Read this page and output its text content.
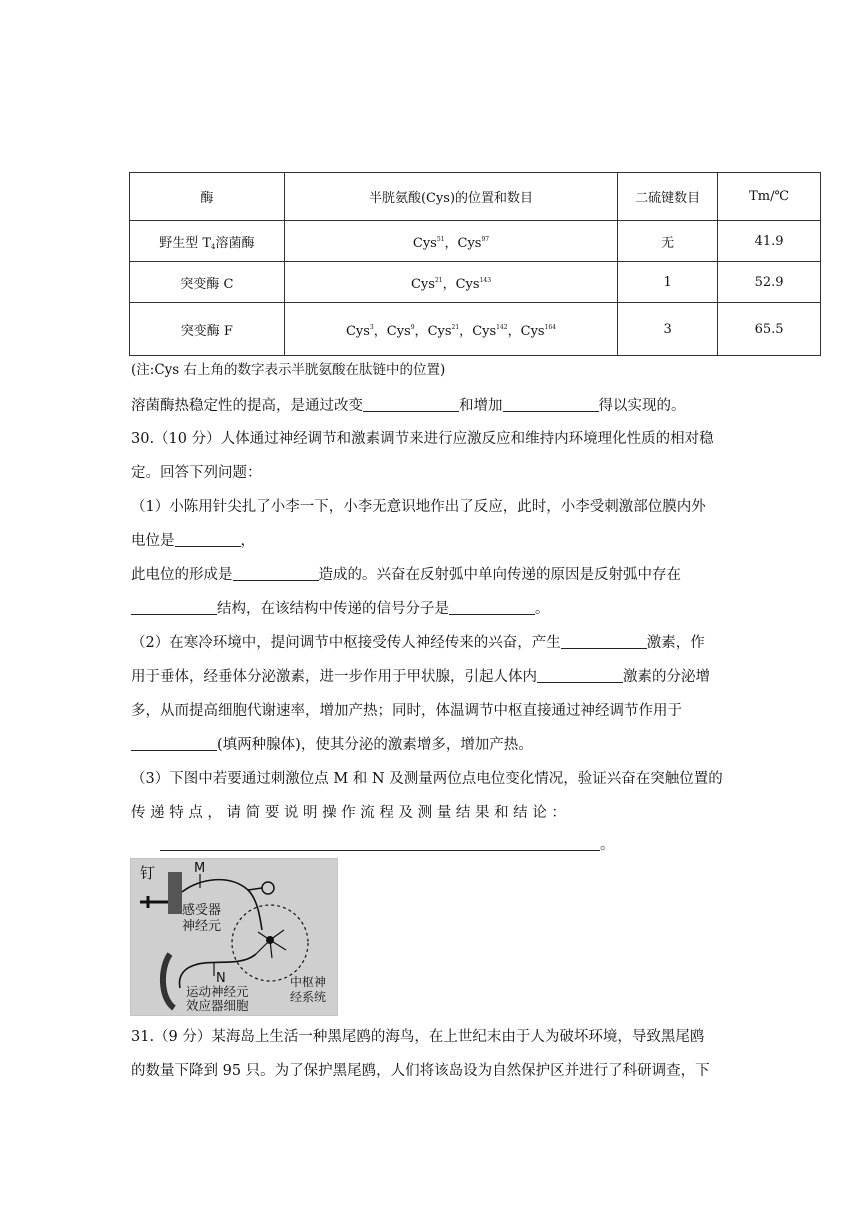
酶	半胱氨酸(Cys)的位置和数目	二硫键数目	Tm/℃
野生型 $T_4$溶菌酶	Cys$^{51}$，Cys$^{97}$	无	41.9
突变酶 C	Cys$^{21}$，Cys$^{143}$	1	52.9
突变酶 F	Cys$^3$，Cys$^9$，Cys$^{21}$，Cys$^{142}$，Cys$^{164}$	3	65.5
(注:Cys 右上角的数字表示半胱氨酸在肽链中的位置)
溶菌酶热稳定性的提高，是通过改变	和增加	得以实现的。
30.（10 分）人体通过神经调节和激素调节来进行应激反应和维持内环境理化性质的相对稳
定。回答下列问题：
（1）小陈用针尖扎了小李一下，小李无意识地作出了反应，此时，小李受刺激部位膜内外
电位是	，
此电位的形成是	造成的。兴奋在反射弧中单向传递的原因是反射弧中存在
结构，在该结构中传递的信号分子是	。
（2）在寒冷环境中，提问调节中枢接受传人神经传来的兴奋，产生	激素，作
用于垂体，经垂体分泌激素，进一步作用于甲状腺，引起人体内	激素的分泌增
多，从而提高细胞代谢速率，增加产热；同时，体温调节中枢直接通过神经调节作用于
(填两种腺体)，使其分泌的激素增多，增加产热。
（3）下图中若要通过刺激位点 M 和 N 及测量两位点电位变化情况，验证兴奋在突触位置的
传 递 特 点 ， 请 简 要 说 明 操 作 流 程 及 测 量 结 果 和 结 论 ：
。
钉	M
N
感受器
神经元
运动神经元
效应器细胞
中枢神
经系统
31.（9 分）某海岛上生活一种黑尾鸥的海鸟，在上世纪末由于人为破坏环境，导致黑尾鸥
的数量下降到 95 只。为了保护黑尾鸥，人们将该岛设为自然保护区并进行了科研调查，下
